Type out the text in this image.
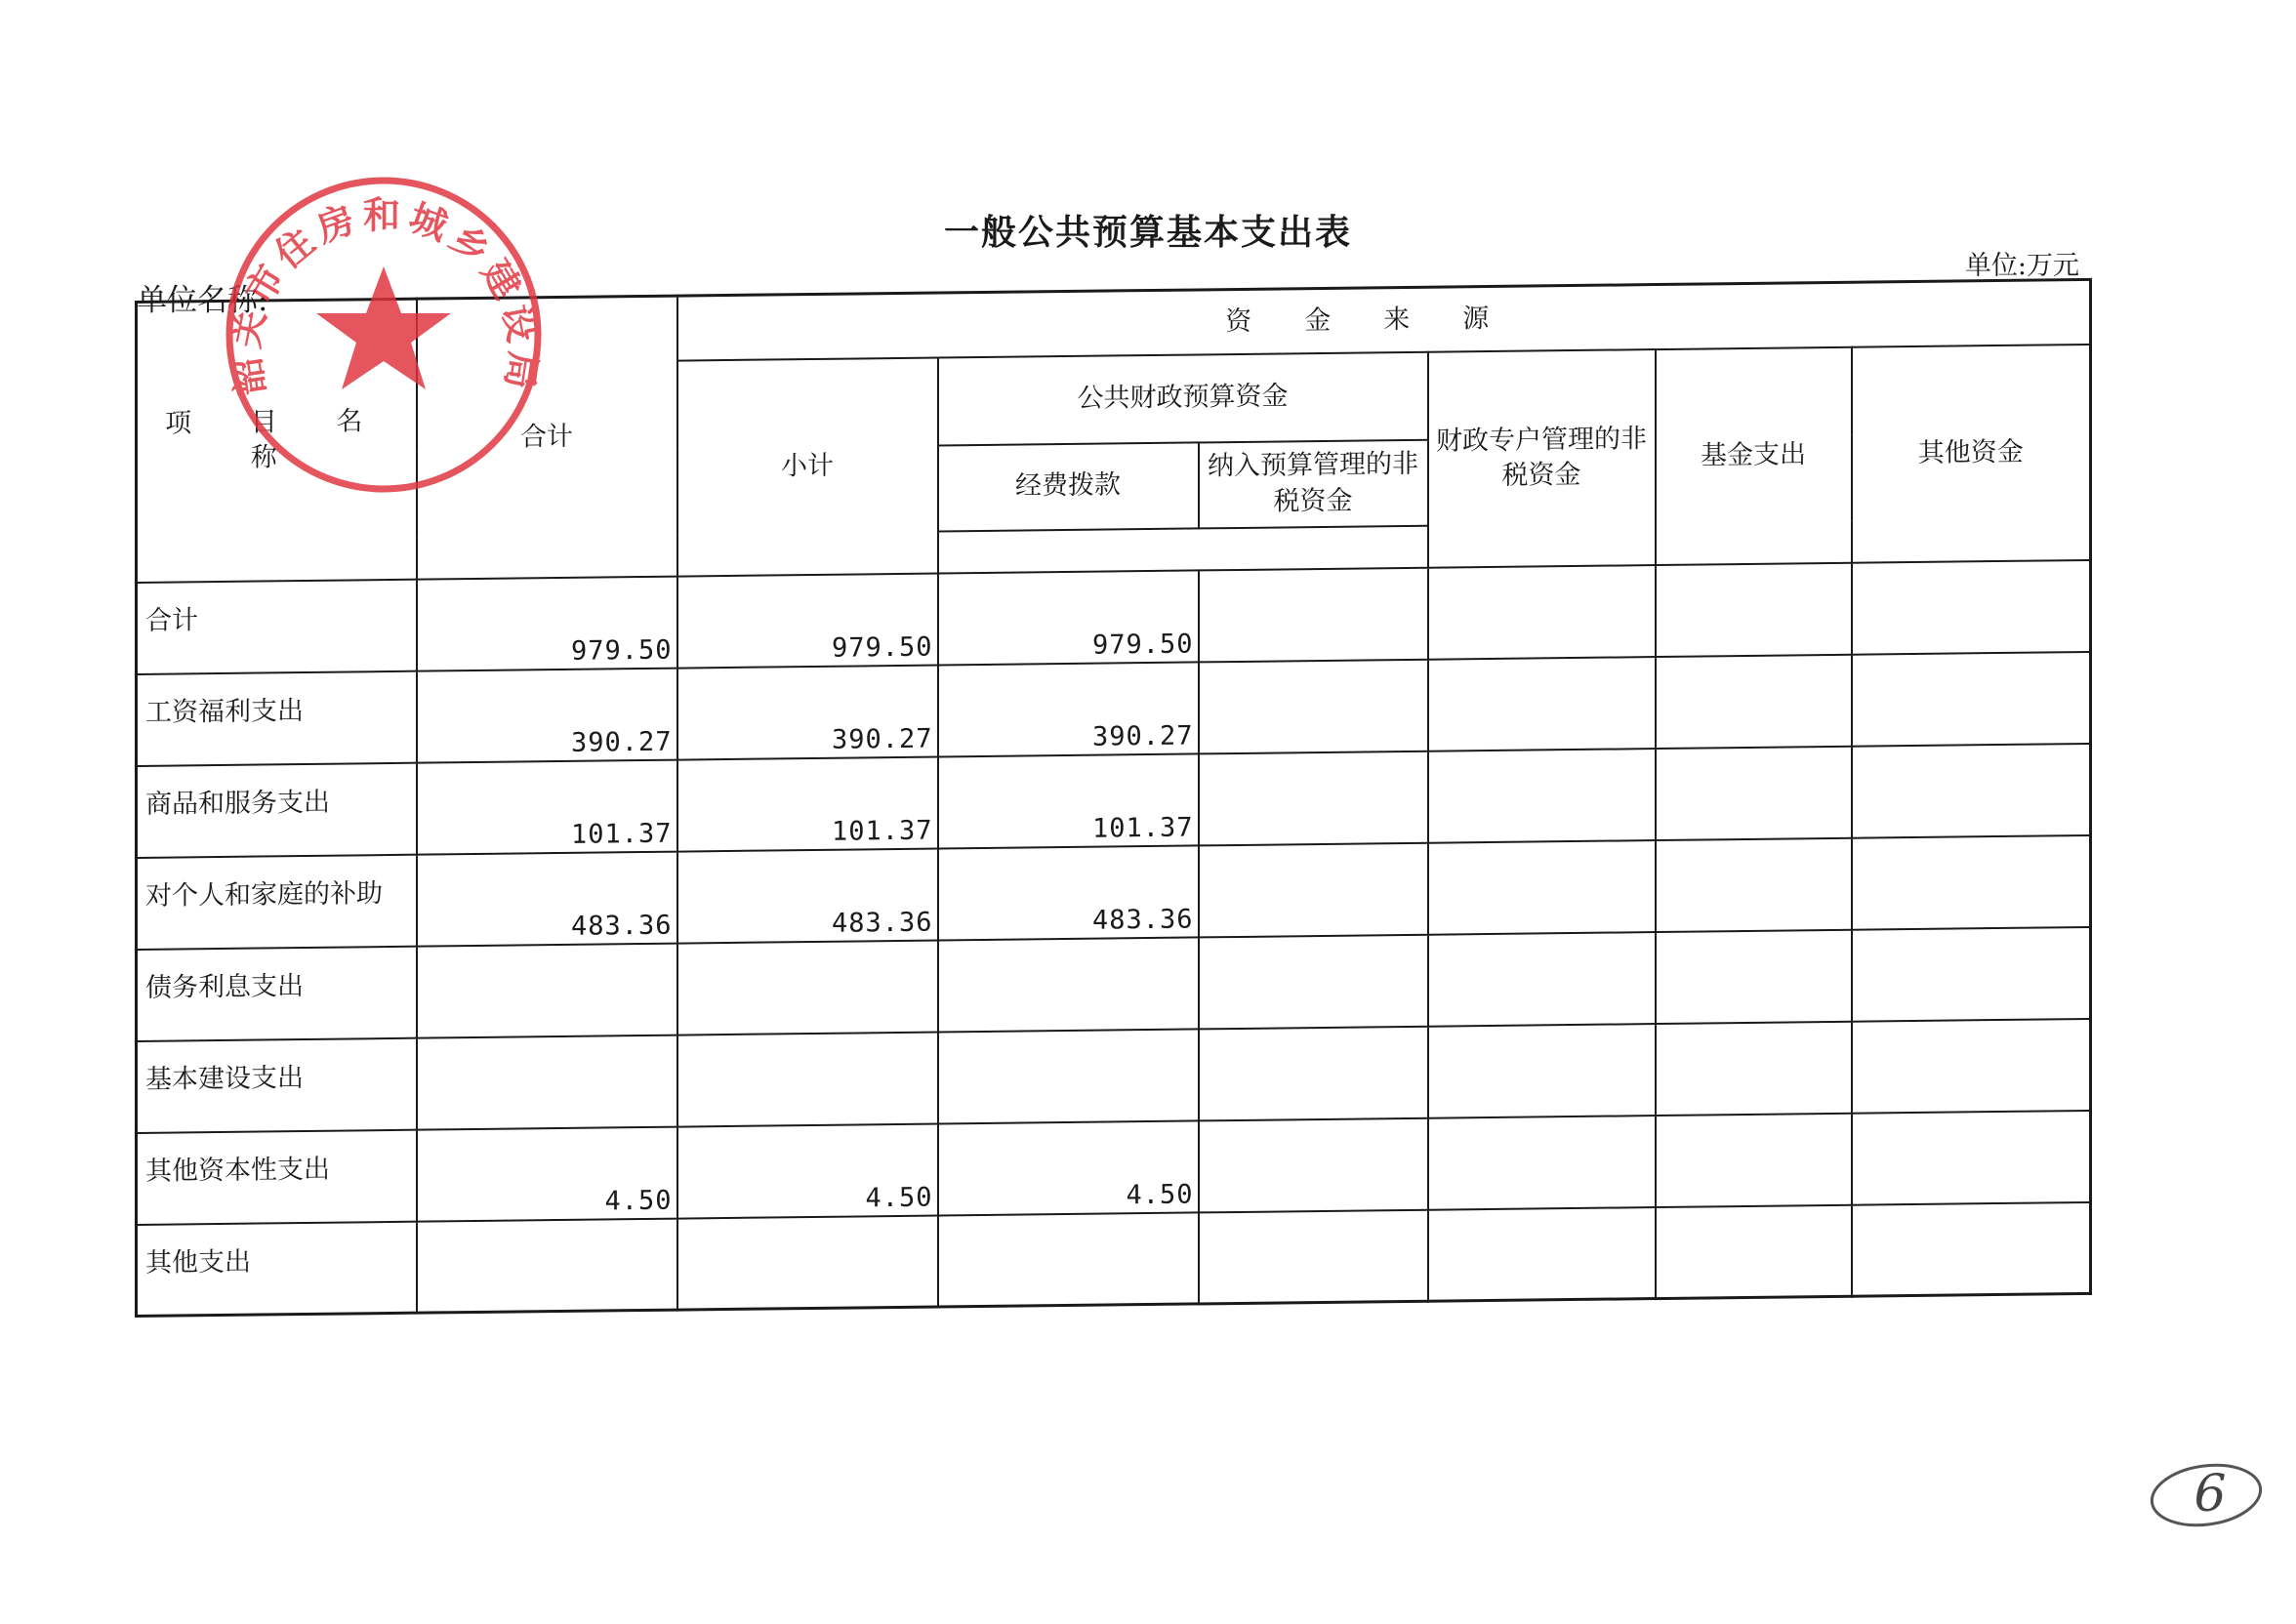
一般公共预算基本支出表
单位名称:
单位:万元
项 目 名 称	合计	资金来源					
		小计	公共财政预算资金		财政专户管理的非税资金	基金支出	其他资金
			经费拨款	纳入预算管理的非税资金			

合计	979.50	979.50	979.50				
工资福利支出	390.27	390.27	390.27				
商品和服务支出	101.37	101.37	101.37				
对个人和家庭的补助	483.36	483.36	483.36				
债务利息支出							
基本建设支出							
其他资本性支出	4.50	4.50	4.50				
其他支出							
韶关市住房和城乡建设局
6
